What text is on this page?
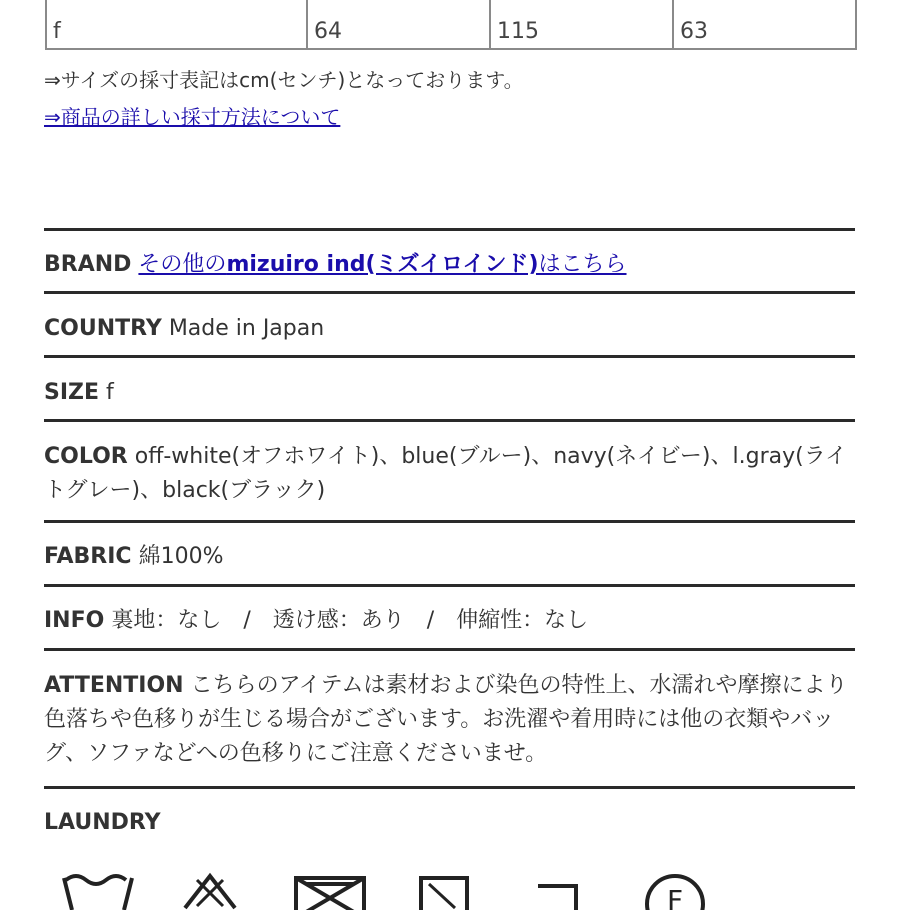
f	64	115	63

⇒サイズの採寸表記はcm(センチ)となっております。

⇒商品の詳しい採寸方法について

BRAND その他のmizuiro ind(ミズイロインド)はこちら

COUNTRY Made in Japan

SIZE f

COLOR off-white(オフホワイト)、blue(ブルー)、navy(ネイビー)、l.gray(ライトグレー)、black(ブラック)

FABRIC 綿100%

INFO 裏地：なし　/　透け感：あり　/　伸縮性：なし

ATTENTION こちらのアイテムは素材および染色の特性上、水濡れや摩擦により色落ちや色移りが生じる場合がございます。お洗濯や着用時には他の衣類やバッグ、ソファなどへの色移りにご注意くださいませ。

LAUNDRY

F
